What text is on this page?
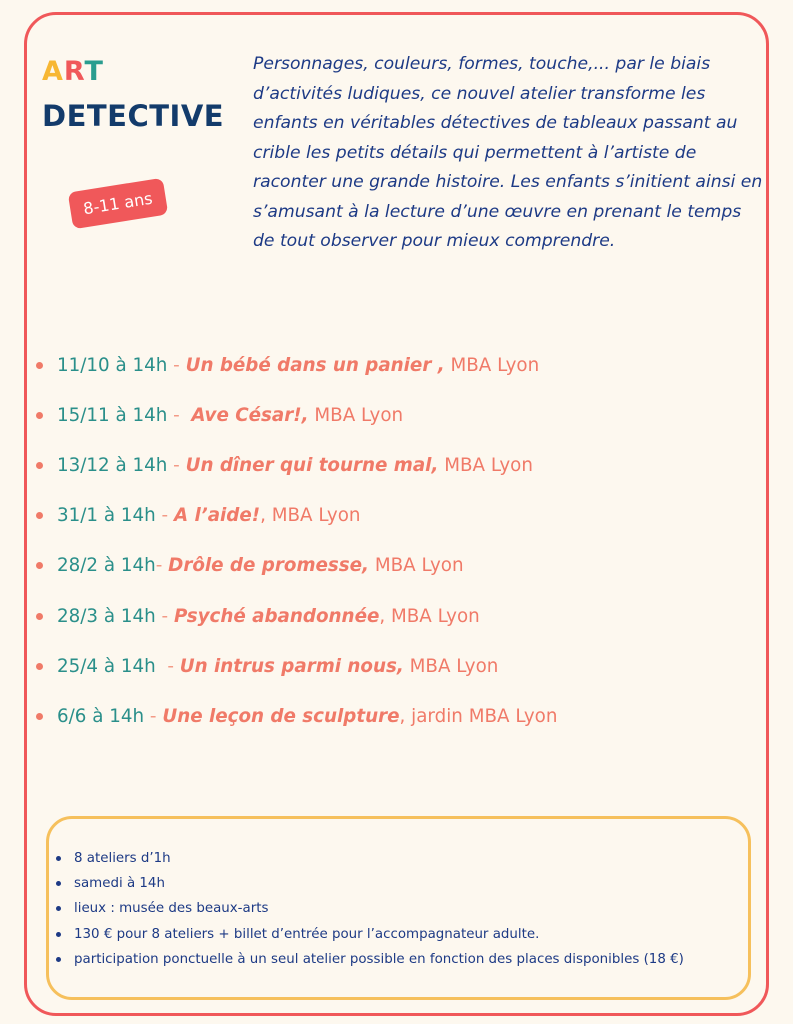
ART
DETECTIVE
8-11 ans
Personnages, couleurs, formes, touche,... par le biais d’activités ludiques, ce nouvel atelier transforme les enfants en véritables détectives de tableaux passant au crible les petits détails qui permettent à l’artiste de raconter une grande histoire. Les enfants s’initient ainsi en s’amusant à la lecture d’une œuvre en prenant le temps de tout observer pour mieux comprendre.
11/10 à 14h - Un bébé dans un panier , MBA Lyon
15/11 à 14h - Ave César!, MBA Lyon
13/12 à 14h - Un dîner qui tourne mal, MBA Lyon
31/1 à 14h - A l’aide! , MBA Lyon
28/2 à 14h - Drôle de promesse, MBA Lyon
28/3 à 14h - Psyché abandonnée , MBA Lyon
25/4 à 14h - Un intrus parmi nous, MBA Lyon
6/6 à 14h - Une leçon de sculpture , jardin MBA Lyon
8 ateliers d’1h
samedi à 14h
lieux : musée des beaux-arts
130 € pour 8 ateliers + billet d’entrée pour l’accompagnateur adulte.
participation ponctuelle à un seul atelier possible en fonction des places disponibles (18 €)
